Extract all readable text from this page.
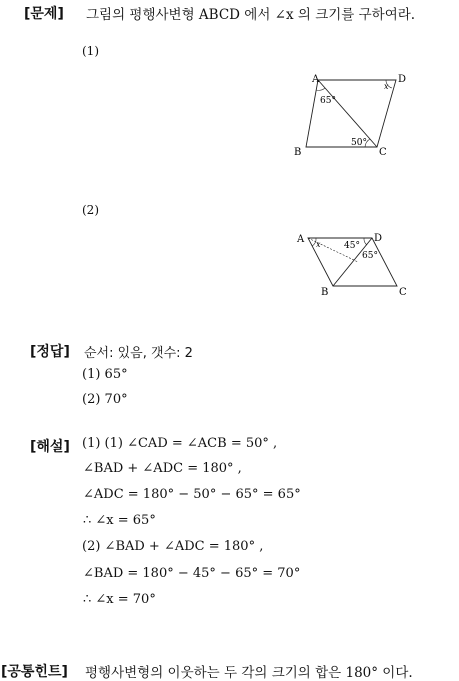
[문제] 그림의 평행사변형 ABCD 에서 ∠x 의 크기를 구하여라.
(1)
A	D
B	C
65°
50°
x
(2)
A	D
B	C
x	45°
65°
[정답] 순서: 있음, 갯수: 2
(1) 65°
(2) 70°
[해설] (1) (1) ∠CAD = ∠ACB = 50° ,
∠BAD + ∠ADC = 180° ,
∠ADC = 180° − 50° − 65° = 65°
∴ ∠x = 65°
(2) ∠BAD + ∠ADC = 180° ,
∠BAD = 180° − 45° − 65° = 70°
∴ ∠x = 70°
[공통힌트] 평행사변형의 이웃하는 두 각의 크기의 합은 180° 이다.
